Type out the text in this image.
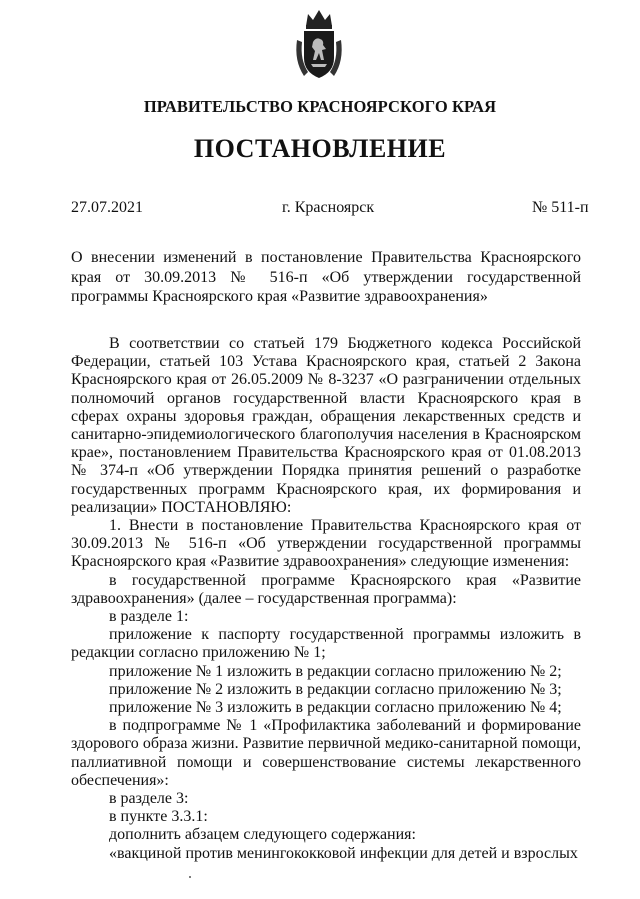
ПРАВИТЕЛЬСТВО КРАСНОЯРСКОГО КРАЯ
ПОСТАНОВЛЕНИЕ
27.07.2021	г. Красноярск	№ 511-п
О внесении изменений в постановление Правительства Красноярского края от 30.09.2013 № 516-п «Об утверждении государственной программы Красноярского края «Развитие здравоохранения»

В соответствии со статьей 179 Бюджетного кодекса Российской Федерации, статьей 103 Устава Красноярского края, статьей 2 Закона Красноярского края от 26.05.2009 № 8-3237 «О разграничении отдельных полномочий органов государственной власти Красноярского края в сферах охраны здоровья граждан, обращения лекарственных средств и санитарно-эпидемиологического благополучия населения в Красноярском крае», постановлением Правительства Красноярского края от 01.08.2013 № 374-п «Об утверждении Порядка принятия решений о разработке государственных программ Красноярского края, их формирования и реализации» ПОСТАНОВЛЯЮ:

1. Внести в постановление Правительства Красноярского края от 30.09.2013 № 516-п «Об утверждении государственной программы Красноярского края «Развитие здравоохранения» следующие изменения:

в государственной программе Красноярского края «Развитие здравоохранения» (далее – государственная программа):

в разделе 1:

приложение к паспорту государственной программы изложить в редакции согласно приложению № 1;

приложение № 1 изложить в редакции согласно приложению № 2;

приложение № 2 изложить в редакции согласно приложению № 3;

приложение № 3 изложить в редакции согласно приложению № 4;

в подпрограмме № 1 «Профилактика заболеваний и формирование здорового образа жизни. Развитие первичной медико-санитарной помощи, паллиативной помощи и совершенствование системы лекарственного обеспечения»:

в разделе 3:

в пункте 3.3.1:

дополнить абзацем следующего содержания:

«вакциной против менингококковой инфекции для детей и взрослых
